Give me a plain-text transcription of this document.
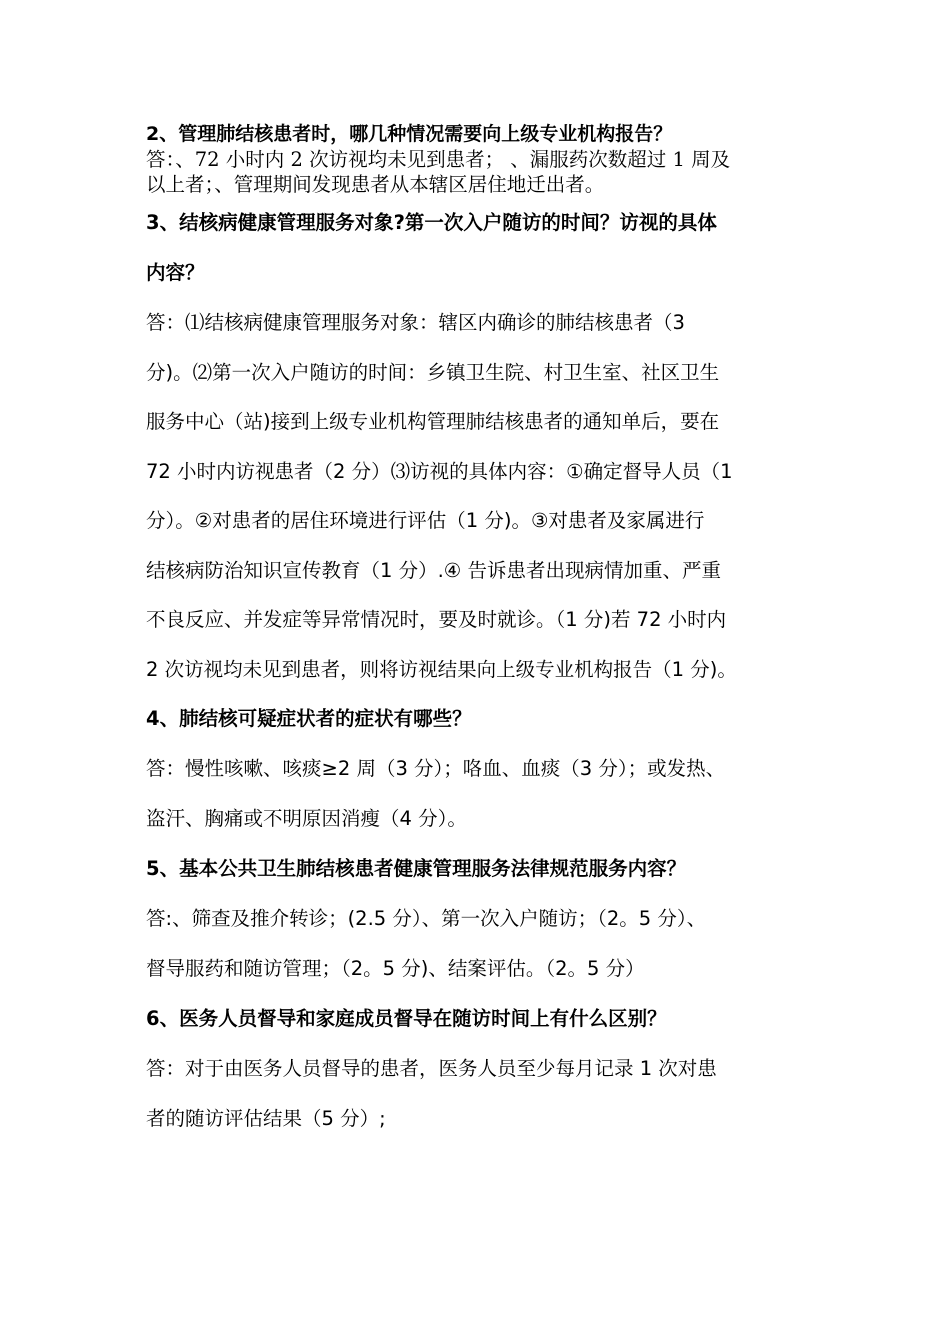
2、管理肺结核患者时，哪几种情况需要向上级专业机构报告？
答：、72 小时内 2 次访视均未见到患者； 、漏服药次数超过 1 周及
以上者；、管理期间发现患者从本辖区居住地迁出者。
3、结核病健康管理服务对象?第一次入户随访的时间？访视的具体
内容？
答：⑴结核病健康管理服务对象：辖区内确诊的肺结核患者（3
分)。⑵第一次入户随访的时间：乡镇卫生院、村卫生室、社区卫生
服务中心（站)接到上级专业机构管理肺结核患者的通知单后，要在
72 小时内访视患者（2 分）⑶访视的具体内容：①确定督导人员（1
分）。②对患者的居住环境进行评估（1 分)。③对患者及家属进行
结核病防治知识宣传教育（1 分）.④ 告诉患者出现病情加重、严重
不良反应、并发症等异常情况时，要及时就诊。（1 分)若 72 小时内
2 次访视均未见到患者，则将访视结果向上级专业机构报告（1 分)。
4、肺结核可疑症状者的症状有哪些？
答：慢性咳嗽、咳痰≥2 周（3 分）；咯血、血痰（3 分）；或发热、
盗汗、胸痛或不明原因消瘦（4 分）。
5、基本公共卫生肺结核患者健康管理服务法律规范服务内容？
答:、筛查及推介转诊；(2.5 分）、第一次入户随访；（2。5 分）、
督导服药和随访管理；（2。5 分)、结案评估。（2。5 分）
6、医务人员督导和家庭成员督导在随访时间上有什么区别？
答：对于由医务人员督导的患者，医务人员至少每月记录 1 次对患
者的随访评估结果（5 分）;
